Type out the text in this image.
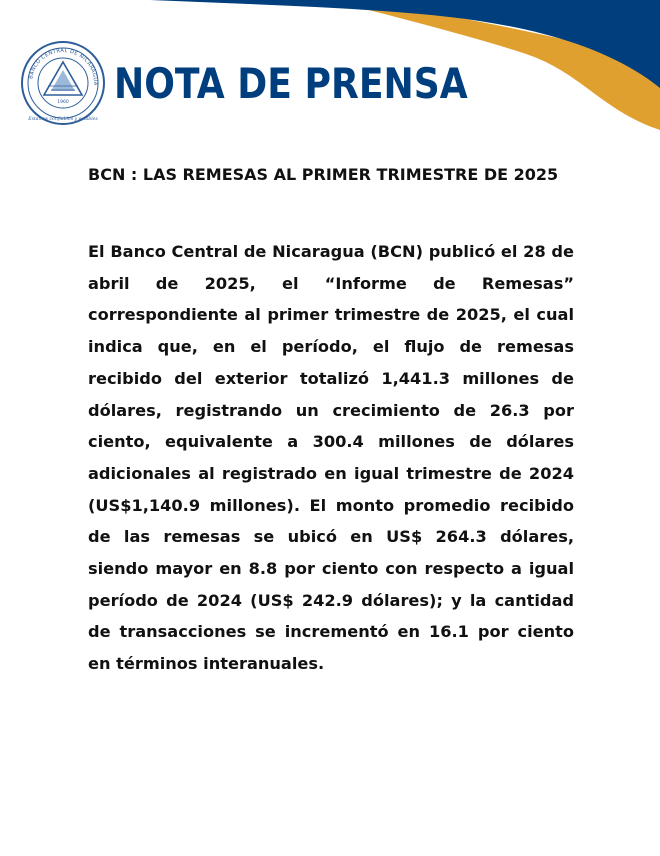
BANCO CENTRAL DE NICARAGUA
1960
Estamos confiables y estables
NOTA DE PRENSA
BCN : LAS REMESAS AL PRIMER TRIMESTRE DE 2025

El Banco Central de Nicaragua (BCN) publicó el 28 de abril de 2025, el “Informe de Remesas” correspondiente al primer trimestre de 2025, el cual indica que, en el período, el flujo de remesas recibido del exterior totalizó 1,441.3 millones de dólares, registrando un crecimiento de 26.3 por ciento, equivalente a 300.4 millones de dólares adicionales al registrado en igual trimestre de 2024 (US$1,140.9 millones). El monto promedio recibido de las remesas se ubicó en US$ 264.3 dólares, siendo mayor en 8.8 por ciento con respecto a igual período de 2024 (US$ 242.9 dólares); y la cantidad de transacciones se incrementó en 16.1 por ciento en términos interanuales.
